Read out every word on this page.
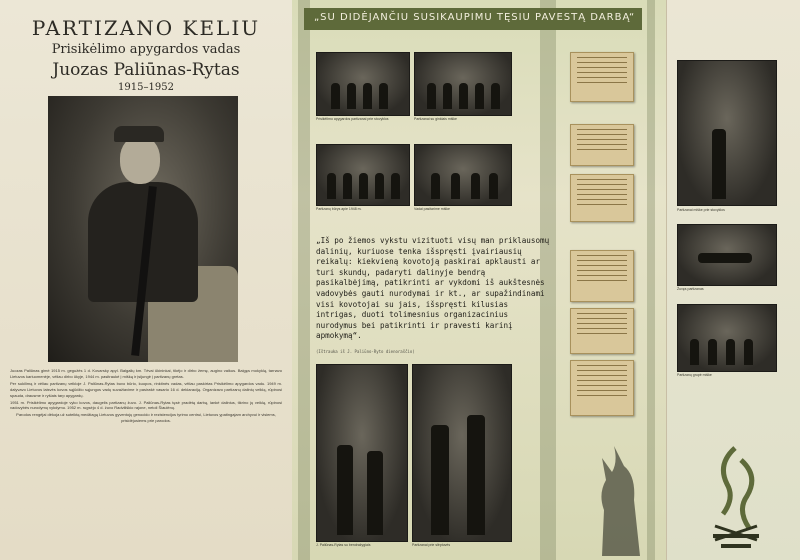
PARTIZANO KELIU
Prisikėlimo apygardos vadas
Juozas Paliūnas-Rytas
1915–1952

Juozas Paliūnas gimė 1915 m. gegužės 1 d. Kovarsky apyl. Balgalių km. Tėvai ūkininkai, tikėjo ir dirbo žemę, augino vaikus. Baigęs mokyklą, tarnavo Lietuvos kariuomenėje, vėliau dirbo ūkyje, 1944 m. pasitraukė į mišką ir įsijungė į partizanų gretas.

Per sukilimą ir vėliau partizanų veikloje J. Paliūnas-Rytas buvo būrio, kuopos, rinktinės vadas, vėliau paskirtas Prisikėlimo apygardos vadu. 1949 m. dalyvavo Lietuvos laisvės kovos sąjūdžio sąjungos vadų suvažiavime ir pasirašė vasario 16 d. deklaraciją. Organizavo partizanų dalinių veiklą, rūpinosi spauda, drausme ir ryšiais tarp apygardų.

1951 m. Prisikėlimo apygardoje vyko kovos, daugelis partizanų žuvo. J. Paliūnas-Rytas tęsė pradėtą darbą, lankė dalinius, tikrino jų veiklą, rūpinosi vadovybės nurodymų vykdymu. 1952 m. rugsėjo 4 d. žuvo Radviliškio rajone, netoli Šiaulėnų.

Parodos rengėjai dėkoja už suteiktą medžiagą Lietuvos gyventojų genocido ir rezistencijos tyrimo centrui, Lietuvos ypatingajam archyvui ir visiems, prisidėjusiems prie parodos.

„SU DIDĖJANČIU SUSIKAUPIMU TĘSIU PAVESTĄ DARBĄ“
Prisikėlimo apygardos partizanai prie stovyklos	Partizanai su ginklais miške
Partizanų būrys apie 1948 m.	Vadai pasitarime miške
„Iš po žiemos vykstu vizituoti visų man priklausomų dalinių, kuriuose tenka išspręsti įvairiausių reikalų: kiekvieną kovotoją paskirai apklausti ar turi skundų, padaryti dalinyje bendrą pasikalbėjimą, patikrinti ar vykdomi iš aukštesnės vadovybės gauti nurodymai ir kt., ar supažindinami visi kovotojai su jais, išspręsti kilusias intrigas, duoti tolimesnius organizacinius nurodymus bei patikrinti ir pravesti karinį apmokymą“.
(Ištrauka iš J. Paliūno-Ryto dienoraščio)
J. Paliūnas-Rytas su bendražygiais	Partizanai prie slėptuvės
Partizanai miške prie stovyklos
Žuvęs partizanas
Partizanų grupė miške
